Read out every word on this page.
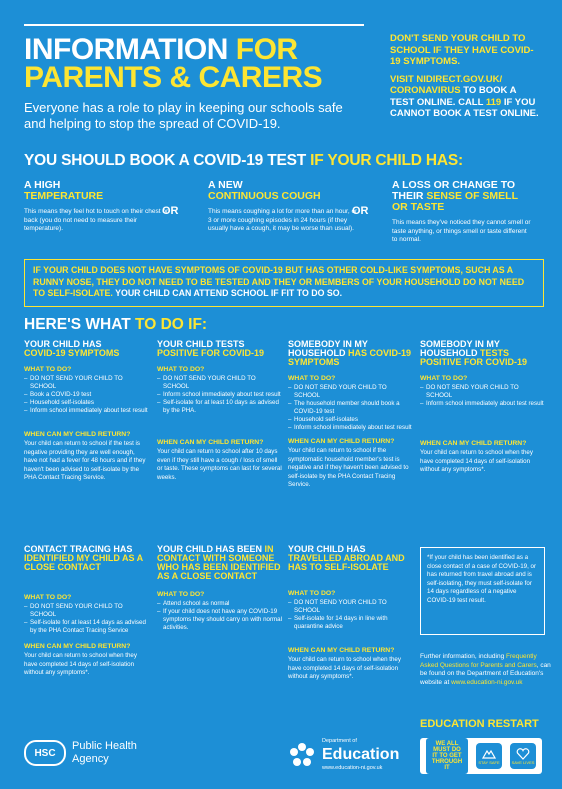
INFORMATION FOR
PARENTS & CARERS
Everyone has a role to play in keeping our schools safe and helping to stop the spread of COVID-19.

DON'T SEND YOUR CHILD TO SCHOOL IF THEY HAVE COVID-19 SYMPTOMS.

VISIT NIDIRECT.GOV.UK/ CORONAVIRUS TO BOOK A TEST ONLINE. CALL 119 IF YOU CANNOT BOOK A TEST ONLINE.

YOU SHOULD BOOK A COVID-19 TEST IF YOUR CHILD HAS:
A HIGH
TEMPERATURE

This means they feel hot to touch on their chest or back (you do not need to measure their temperature).

OR
A NEW
CONTINUOUS COUGH

This means coughing a lot for more than an hour, or 3 or more coughing episodes in 24 hours (if they usually have a cough, it may be worse than usual).

OR
A LOSS OR CHANGE TO THEIR SENSE OF SMELL OR TASTE

This means they've noticed they cannot smell or taste anything, or things smell or taste different to normal.

IF YOUR CHILD DOES NOT HAVE SYMPTOMS OF COVID-19 BUT HAS OTHER COLD-LIKE SYMPTOMS, SUCH AS A RUNNY NOSE, THEY DO NOT NEED TO BE TESTED AND THEY OR MEMBERS OF YOUR HOUSEHOLD DO NOT NEED TO SELF-ISOLATE. YOUR CHILD CAN ATTEND SCHOOL IF FIT TO DO SO.
HERE'S WHAT TO DO IF:
YOUR CHILD HAS
COVID-19 SYMPTOMS
WHAT TO DO?
– DO NOT SEND YOUR CHILD TO SCHOOL
– Book a COVID-19 test
– Household self-isolates
– Inform school immediately about test result
WHEN CAN MY CHILD RETURN?

Your child can return to school if the test is negative providing they are well enough, have not had a fever for 48 hours and if they haven't been advised to self-isolate by the PHA Contact Tracing Service.

YOUR CHILD TESTS
POSITIVE FOR COVID-19
WHAT TO DO?
– DO NOT SEND YOUR CHILD TO SCHOOL
– Inform school immediately about test result
– Self-isolate for at least 10 days as advised by the PHA.
WHEN CAN MY CHILD RETURN?

Your child can return to school after 10 days even if they still have a cough / loss of smell or taste. These symptoms can last for several weeks.

SOMEBODY IN MY HOUSEHOLD HAS COVID-19 SYMPTOMS
WHAT TO DO?
– DO NOT SEND YOUR CHILD TO SCHOOL
– The household member should book a COVID-19 test
– Household self-isolates
– Inform school immediately about test result
WHEN CAN MY CHILD RETURN?

Your child can return to school if the symptomatic household member's test is negative and if they haven't been advised to self-isolate by the PHA Contact Tracing Service.

SOMEBODY IN MY HOUSEHOLD TESTS POSITIVE FOR COVID-19
WHAT TO DO?
– DO NOT SEND YOUR CHILD TO SCHOOL
– Inform school immediately about test result
WHEN CAN MY CHILD RETURN?

Your child can return to school when they have completed 14 days of self-isolation without any symptoms*.

CONTACT TRACING HAS
IDENTIFIED MY CHILD AS A CLOSE CONTACT
WHAT TO DO?
– DO NOT SEND YOUR CHILD TO SCHOOL
– Self-isolate for at least 14 days as advised by the PHA Contact Tracing Service
WHEN CAN MY CHILD RETURN?

Your child can return to school when they have completed 14 days of self-isolation without any symptoms*.

YOUR CHILD HAS BEEN IN CONTACT WITH SOMEONE WHO HAS BEEN IDENTIFIED AS A CLOSE CONTACT
WHAT TO DO?
– Attend school as normal
– If your child does not have any COVID-19 symptoms they should carry on with normal activities.
YOUR CHILD HAS
TRAVELLED ABROAD AND HAS TO SELF-ISOLATE
WHAT TO DO?
– DO NOT SEND YOUR CHILD TO SCHOOL
– Self-isolate for 14 days in line with quarantine advice
WHEN CAN MY CHILD RETURN?

Your child can return to school when they have completed 14 days of self-isolation without any symptoms*.

*If your child has been identified as a close contact of a case of COVID-19, or has returned from travel abroad and is self-isolating, they must self-isolate for 14 days regardless of a negative COVID-19 test result.
Further information, including Frequently Asked Questions for Parents and Carers, can be found on the Department of Education's website at www.education-ni.gov.uk
EDUCATION RESTART
HSC
Public Health
Agency
Department of
Education
www.education-ni.gov.uk
WE ALL MUST DO IT TO GET THROUGH IT
STAY SAFE	SAVE LIVES
